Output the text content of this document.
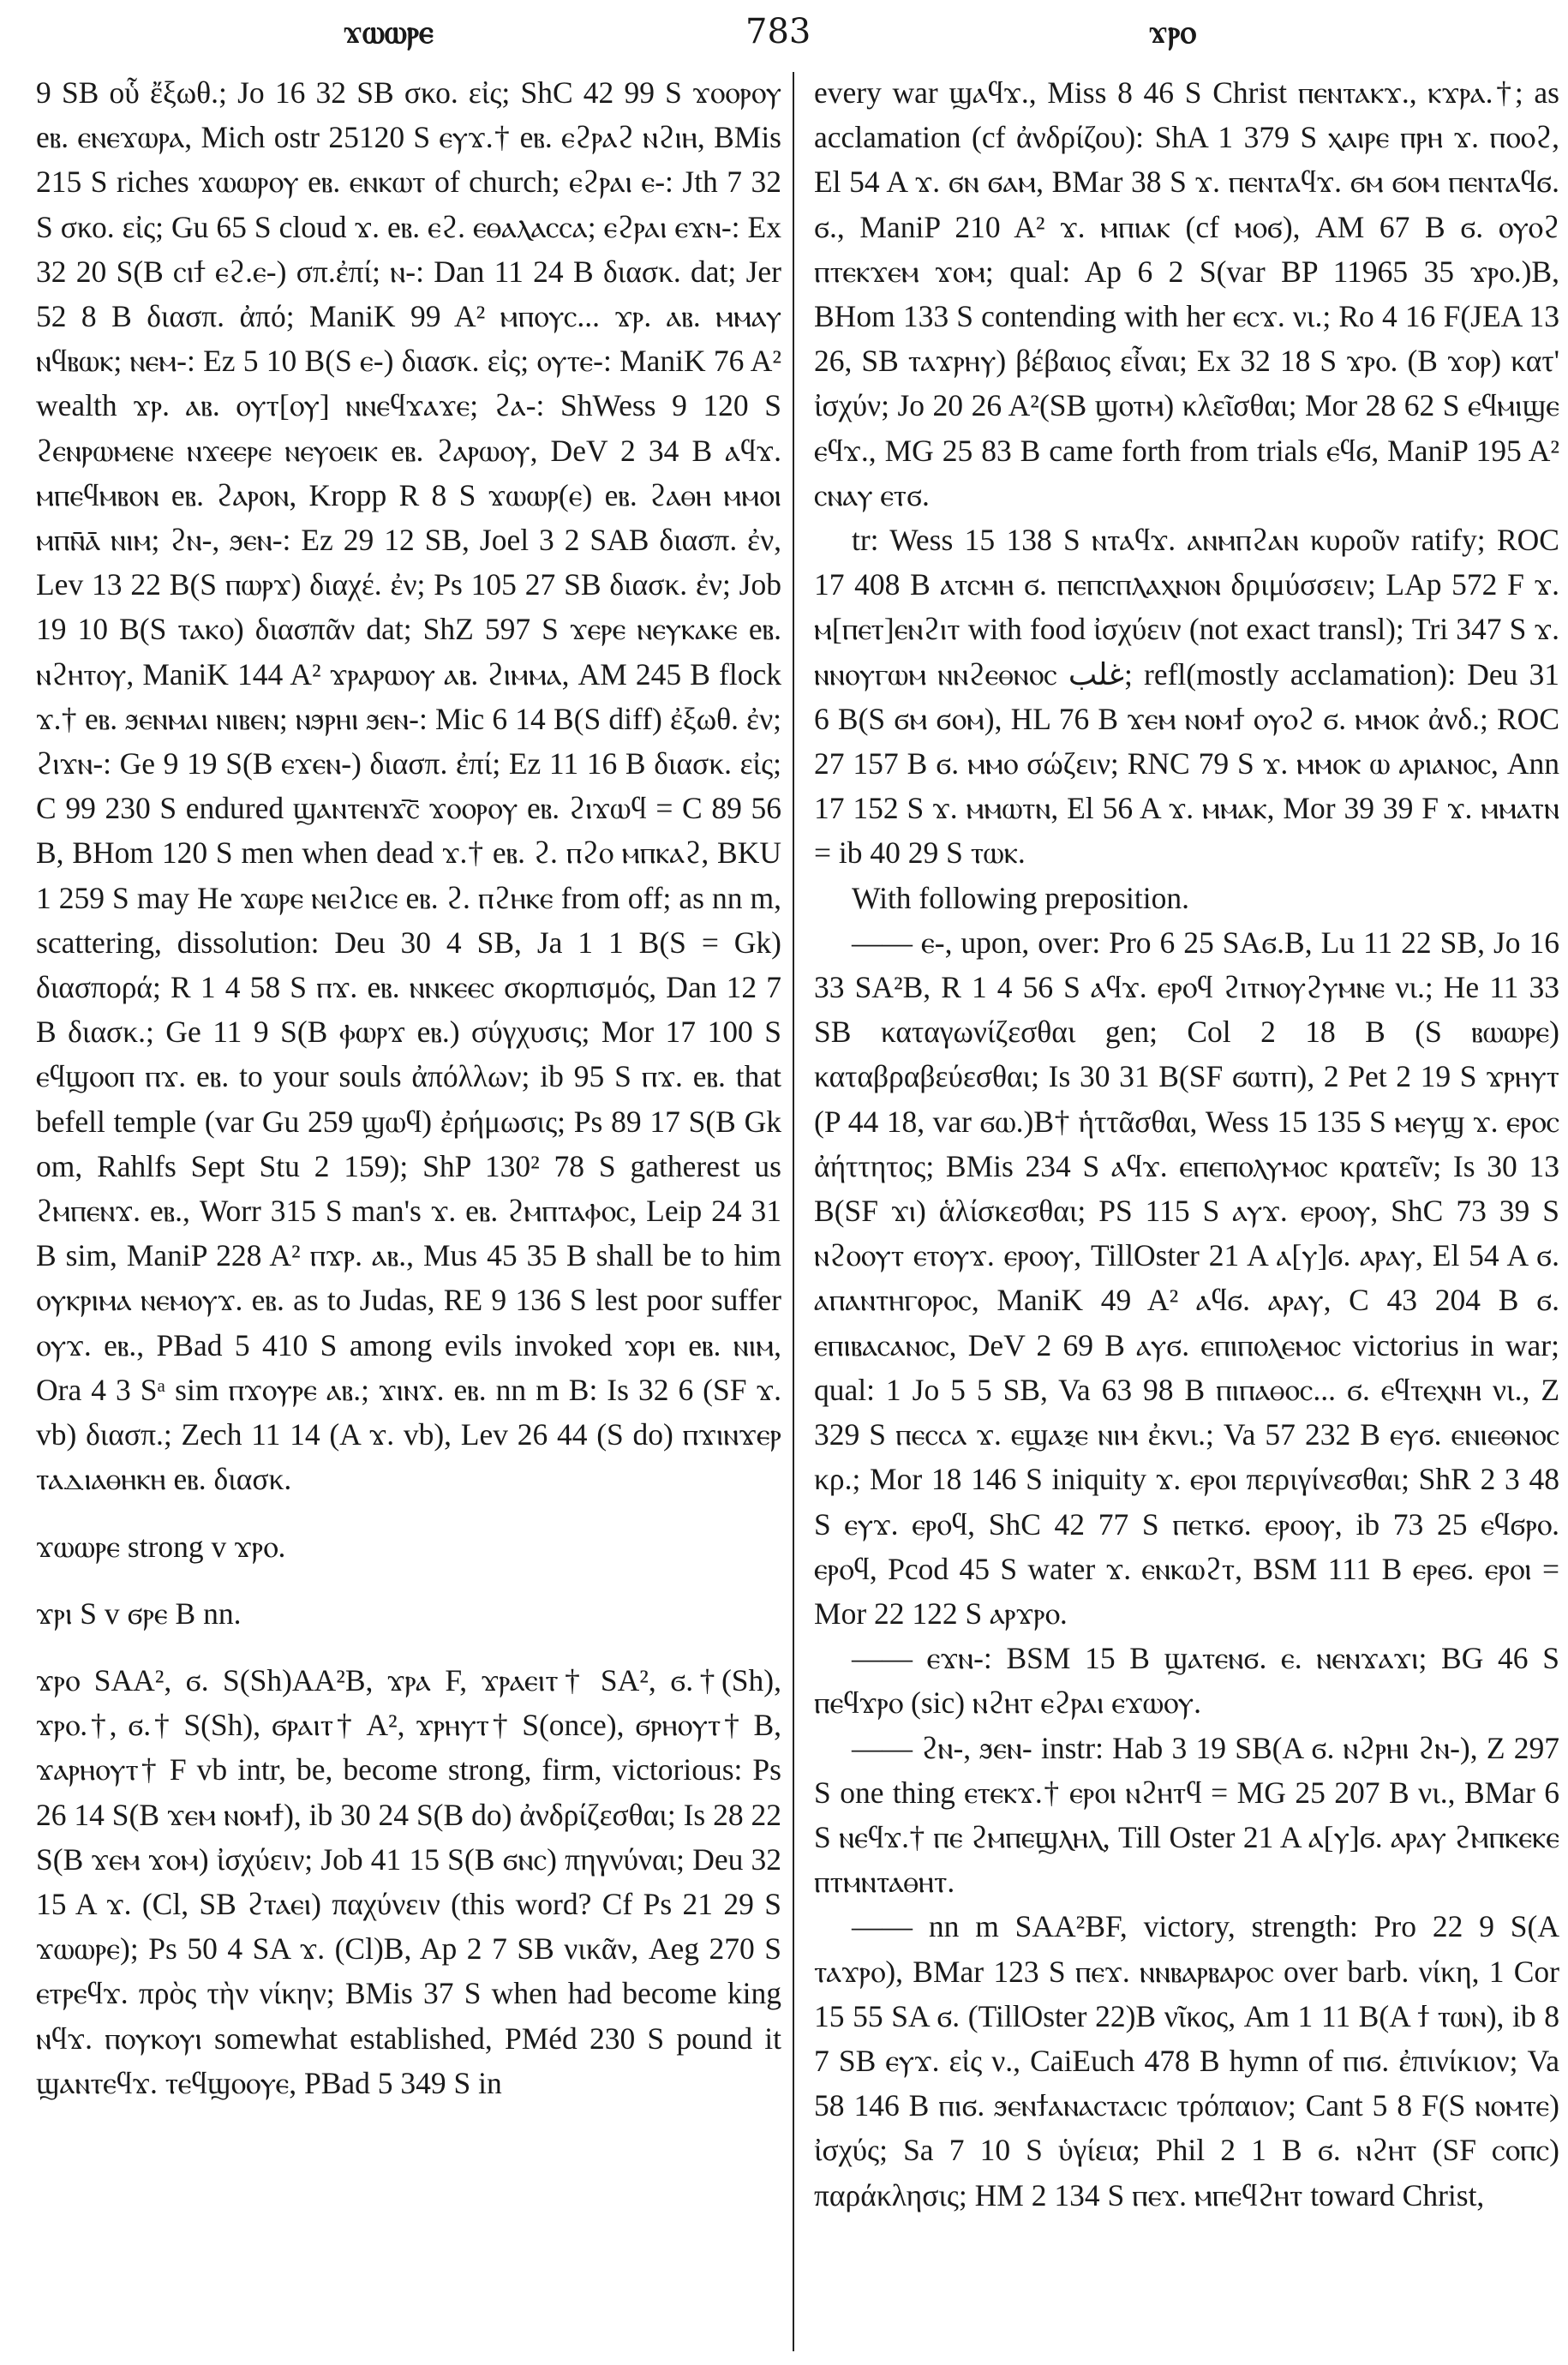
ϫⲱⲱⲣⲉ	783	ϫⲣⲟ

9 SB οὗ ἔξωθ.; Jo 16 32 SB σκο. εἰς; ShC 42 99 S ϫⲟⲟⲣⲟⲩ eⲃ. ⲉⲛⲉϫⲱⲣⲁ, Mich ostr 25120 S ⲉⲩϫ.† eⲃ. ⲉϩⲣⲁϩ ⲛϩⲓⲏ, BMis 215 S riches ϫⲱⲱⲣⲟⲩ eⲃ. ⲉⲛⲕⲱⲧ of church; ⲉϩⲣⲁⲓ ⲉ-: Jth 7 32 S σκο. εἰς; Gu 65 S cloud ϫ. eⲃ. ⲉϩ. ⲉⲑⲁⲗⲁⲥⲥⲁ; ⲉϩⲣⲁⲓ ⲉϫⲛ-: Ex 32 20 S(B ⲥⲓϯ ⲉϩ.ⲉ-) σπ.ἐπί; ⲛ-: Dan 11 24 B διασκ. dat; Jer 52 8 B διασπ. ἀπό; ManiK 99 A² ⲙⲡⲟⲩⲥ... ϫⲣ. ⲁⲃ. ⲙⲙⲁⲩ ⲛϥⲃⲱⲕ; ⲛⲉⲙ-: Ez 5 10 B(S ⲉ-) διασκ. εἰς; ⲟⲩⲧⲉ-: ManiK 76 A² wealth ϫⲣ. ⲁⲃ. ⲟⲩⲧ[ⲟⲩ] ⲛⲛⲉϥϫⲁϫⲉ; ϩⲁ-: ShWess 9 120 S ϩⲉⲛⲣⲱⲙⲉⲛⲉ ⲛϫⲉⲉⲣⲉ ⲛⲉⲩⲟⲉⲓⲕ eⲃ. ϩⲁⲣⲱⲟⲩ, DeV 2 34 B ⲁϥϫ. ⲙⲡⲉϥⲙⲃⲟⲛ eⲃ. ϩⲁⲣⲟⲛ, Kropp R 8 S ϫⲱⲱⲣ(ⲉ) eⲃ. ϩⲁⲑⲏ ⲙⲙⲟⲓ ⲙⲡⲛ̄ⲁ̄ ⲛⲓⲙ; ϩⲛ-, ϧⲉⲛ-: Ez 29 12 SB, Joel 3 2 SAB διασπ. ἐν, Lev 13 22 B(S ⲡⲱⲣϫ) διαχέ. ἐν; Ps 105 27 SB διασκ. ἐν; Job 19 10 B(S ⲧⲁⲕⲟ) διασπᾶν dat; ShZ 597 S ϫⲉⲣⲉ ⲛⲉⲩⲕⲁⲕⲉ eⲃ. ⲛϩⲏⲧⲟⲩ, ManiK 144 A² ϫⲣⲁⲣⲱⲟⲩ ⲁⲃ. ϩⲓⲙⲙⲁ, AM 245 B flock ϫ.† eⲃ. ϧⲉⲛⲙⲁⲓ ⲛⲓⲃⲉⲛ; ⲛϧⲣⲏⲓ ϧⲉⲛ-: Mic 6 14 B(S diff) ἐξωθ. ἐν; ϩⲓϫⲛ-: Ge 9 19 S(B ⲉϫⲉⲛ-) διασπ. ἐπί; Ez 11 16 B διασκ. εἰς; C 99 230 S endured ϣⲁⲛⲧⲉⲛϫ̄ⲥ̄ ϫⲟⲟⲣⲟⲩ eⲃ. ϩⲓϫⲱϥ = C 89 56 B, BHom 120 S men when dead ϫ.† eⲃ. ϩ. ⲡϩⲟ ⲙⲡⲕⲁϩ, BKU 1 259 S may He ϫⲱⲣⲉ ⲛⲉⲓϩⲓⲥⲉ eⲃ. ϩ. ⲡϩⲏⲕⲉ from off; as nn m, scattering, dissolution: Deu 30 4 SB, Ja 1 1 B(S = Gk) διασπορά; R 1 4 58 S ⲡϫ. eⲃ. ⲛⲛⲕⲉⲉⲥ σκορπισμός, Dan 12 7 B διασκ.; Ge 11 9 S(B ⲫⲱⲣϫ eⲃ.) σύγχυσις; Mor 17 100 S ⲉϥϣⲟⲟⲡ ⲡϫ. eⲃ. to your souls ἀπόλλων; ib 95 S ⲡϫ. eⲃ. that befell temple (var Gu 259 ϣⲱϥ) ἐρήμωσις; Ps 89 17 S(B Gk om, Rahlfs Sept Stu 2 159); ShP 130² 78 S gatherest us ϩⲙⲡⲉⲛϫ. eⲃ., Worr 315 S man's ϫ. eⲃ. ϩⲙⲡⲧⲁⲫⲟⲥ, Leip 24 31 B sim, ManiP 228 A² ⲡϫⲣ. ⲁⲃ., Mus 45 35 B shall be to him ⲟⲩⲕⲣⲓⲙⲁ ⲛⲉⲙⲟⲩϫ. eⲃ. as to Judas, RE 9 136 S lest poor suffer ⲟⲩϫ. eⲃ., PBad 5 410 S among evils invoked ϫⲟⲣⲓ eⲃ. ⲛⲓⲙ, Ora 4 3 Sᵃ sim ⲡϫⲟⲩⲣⲉ ⲁⲃ.; ϫⲓⲛϫ. eⲃ. nn m B: Is 32 6 (SF ϫ. vb) διασπ.; Zech 11 14 (A ϫ. vb), Lev 26 44 (S do) ⲡϫⲓⲛϫⲉⲣ ⲧⲁⲇⲓⲁⲑⲏⲕⲏ eⲃ. διασκ.

ϫⲱⲱⲣⲉ strong v ϫⲣⲟ.

ϫⲣⲓ S v ϭⲣⲉ B nn.

ϫⲣⲟ SAA², ϭ. S(Sh)AA²B, ϫⲣⲁ F, ϫⲣⲁⲉⲓⲧ† SA², ϭ.†(Sh), ϫⲣⲟ.†, ϭ.† S(Sh), ϭⲣⲁⲓⲧ† A², ϫⲣⲏⲩⲧ† S(once), ϭⲣⲏⲟⲩⲧ† B, ϫⲁⲣⲏⲟⲩⲧ† F vb intr, be, become strong, firm, victorious: Ps 26 14 S(B ϫⲉⲙ ⲛⲟⲙϯ), ib 30 24 S(B do) ἀνδρίζεσθαι; Is 28 22 S(B ϫⲉⲙ ϫⲟⲙ) ἰσχύειν; Job 41 15 S(B ϭⲛⲥ) πηγνύναι; Deu 32 15 A ϫ. (Cl, SB ϩⲧⲁⲉⲓ) παχύνειν (this word? Cf Ps 21 29 S ϫⲱⲱⲣⲉ); Ps 50 4 SA ϫ. (Cl)B, Ap 2 7 SB νικᾶν, Aeg 270 S ⲉⲧⲣⲉϥϫ. πρὸς τὴν νίκην; BMis 37 S when had become king ⲛϥϫ. ⲡⲟⲩⲕⲟⲩⲓ somewhat established, PMéd 230 S pound it ϣⲁⲛⲧⲉϥϫ. ⲧⲉϥϣⲟⲟⲩⲉ, PBad 5 349 S in

every war ϣⲁϥϫ., Miss 8 46 S Christ ⲡⲉⲛⲧⲁⲕϫ., ⲕϫⲣⲁ.†; as acclamation (cf ἀνδρίζου): ShA 1 379 S ⲭⲁⲓⲣⲉ ⲡⲣⲏ ϫ. ⲡⲟⲟϩ, El 54 A ϫ. ϭⲛ ϭⲁⲙ, BMar 38 S ϫ. ⲡⲉⲛⲧⲁϥϫ. ϭⲙ ϭⲟⲙ ⲡⲉⲛⲧⲁϥϭ. ϭ., ManiP 210 A² ϫ. ⲙⲡⲓⲁⲕ (cf ⲙⲟϭ), AM 67 B ϭ. ⲟⲩⲟϩ ⲡⲧⲉⲕϫⲉⲙ ϫⲟⲙ; qual: Ap 6 2 S(var BP 11965 35 ϫⲣⲟ.)B, BHom 133 S contending with her ⲉⲥϫ. νι.; Ro 4 16 F(JEA 13 26, SB ⲧⲁϫⲣⲏⲩ) βέβαιος εἶναι; Ex 32 18 S ϫⲣⲟ. (B ϫⲟⲣ) κατ' ἰσχύν; Jo 20 26 A²(SB ϣⲟⲧⲙ) κλεῖσθαι; Mor 28 62 S ⲉϥⲙⲓϣⲉ ⲉϥϫ., MG 25 83 B came forth from trials ⲉϥϭ, ManiP 195 A² ⲥⲛⲁⲩ ⲉⲧϭ.

tr: Wess 15 138 S ⲛⲧⲁϥϫ. ⲁⲛⲙⲡϩⲁⲛ κυροῦν ratify; ROC 17 408 B ⲁⲧⲥⲙⲏ ϭ. ⲡⲉⲡⲥⲡⲗⲁⲭⲛⲟⲛ δριμύσσειν; LAp 572 F ϫ. ⲙ[ⲡⲉⲧ]ⲉⲛϩⲓⲧ with food ἰσχύειν (not exact transl); Tri 347 S ϫ. ⲛⲛⲟⲩⲅⲱⲙ ⲛⲛϩⲉⲑⲛⲟⲥ غلب; refl(mostly acclamation): Deu 31 6 B(S ϭⲙ ϭⲟⲙ), HL 76 B ϫⲉⲙ ⲛⲟⲙϯ ⲟⲩⲟϩ ϭ. ⲙⲙⲟⲕ ἀνδ.; ROC 27 157 B ϭ. ⲙⲙⲟ σώζειν; RNC 79 S ϫ. ⲙⲙⲟⲕ ⲱ ⲁⲣⲓⲁⲛⲟⲥ, Ann 17 152 S ϫ. ⲙⲙⲱⲧⲛ, El 56 A ϫ. ⲙⲙⲁⲕ, Mor 39 39 F ϫ. ⲙⲙⲁⲧⲛ = ib 40 29 S ⲧⲱⲕ.

With following preposition.

—— ⲉ-, upon, over: Pro 6 25 SAϭ.B, Lu 11 22 SB, Jo 16 33 SA²B, R 1 4 56 S ⲁϥϫ. ⲉⲣⲟϥ ϩⲓⲧⲛⲟⲩϩⲩⲙⲛⲉ νι.; He 11 33 SB καταγωνίζεσθαι gen; Col 2 18 B (S ⲃⲱⲱⲣⲉ) καταβραβεύεσθαι; Is 30 31 B(SF ϭⲱⲧⲡ), 2 Pet 2 19 S ϫⲣⲏⲩⲧ (P 44 18, var ϭⲱ.)B† ἡττᾶσθαι, Wess 15 135 S ⲙⲉⲩϣ ϫ. ⲉⲣⲟⲥ ἀήττητος; BMis 234 S ⲁϥϫ. ⲉⲡⲉⲡⲟⲗⲩⲙⲟⲥ κρατεῖν; Is 30 13 B(SF ϫⲓ) ἁλίσκεσθαι; PS 115 S ⲁⲩϫ. ⲉⲣⲟⲟⲩ, ShC 73 39 S ⲛϩⲟⲟⲩⲧ ⲉⲧⲟⲩϫ. ⲉⲣⲟⲟⲩ, TillOster 21 A ⲁ[ⲩ]ϭ. ⲁⲣⲁⲩ, El 54 A ϭ. ⲁⲡⲁⲛⲧⲏⲅⲟⲣⲟⲥ, ManiK 49 A² ⲁϥϭ. ⲁⲣⲁⲩ, C 43 204 B ϭ. ⲉⲡⲓⲃⲁⲥⲁⲛⲟⲥ, DeV 2 69 B ⲁⲩϭ. ⲉⲡⲓⲡⲟⲗⲉⲙⲟⲥ victorius in war; qual: 1 Jo 5 5 SB, Va 63 98 B ⲡⲓⲡⲁⲑⲟⲥ... ϭ. ⲉϥⲧⲉⲭⲛⲏ νι., Z 329 S ⲡⲉⲥⲥⲁ ϫ. ⲉϣⲁⲝⲉ ⲛⲓⲙ ἐκνι.; Va 57 232 B ⲉⲩϭ. ⲉⲛⲓⲉⲑⲛⲟⲥ κρ.; Mor 18 146 S iniquity ϫ. ⲉⲣⲟⲓ περιγίνεσθαι; ShR 2 3 48 S ⲉⲩϫ. ⲉⲣⲟϥ, ShC 42 77 S ⲡⲉⲧⲕϭ. ⲉⲣⲟⲟⲩ, ib 73 25 ⲉϥϭⲣⲟ. ⲉⲣⲟϥ, Pcod 45 S water ϫ. ⲉⲛⲕⲱϩⲧ, BSM 111 B ⲉⲣⲉϭ. ⲉⲣⲟⲓ = Mor 22 122 S ⲁⲣϫⲣⲟ.

—— ⲉϫⲛ-: BSM 15 B ϣⲁⲧⲉⲛϭ. ⲉ. ⲛⲉⲛϫⲁϫⲓ; BG 46 S ⲡⲉϥϫⲣⲟ (sic) ⲛϩⲏⲧ ⲉϩⲣⲁⲓ ⲉϫⲱⲟⲩ.

—— ϩⲛ-, ϧⲉⲛ- instr: Hab 3 19 SB(A ϭ. ⲛϩⲣⲏⲓ ϩⲛ-), Z 297 S one thing ⲉⲧⲉⲕϫ.† ⲉⲣⲟⲓ ⲛϩⲏⲧϥ = MG 25 207 B νι., BMar 6 S ⲛⲉϥϫ.† ⲡⲉ ϩⲙⲡⲉϣⲗⲏⲗ, Till Oster 21 A ⲁ[ⲩ]ϭ. ⲁⲣⲁⲩ ϩⲙⲡⲕⲉⲕⲉ ⲡⲧⲙⲛⲧⲁⲑⲏⲧ.

—— nn m SAA²BF, victory, strength: Pro 22 9 S(A ⲧⲁϫⲣⲟ), BMar 123 S ⲡⲉϫ. ⲛⲛⲃⲁⲣⲃⲁⲣⲟⲥ over barb. νίκη, 1 Cor 15 55 SA ϭ. (TillOster 22)B νῖκος, Am 1 11 B(A ϯ ⲧⲱⲛ), ib 8 7 SB ⲉⲩϫ. εἰς ν., CaiEuch 478 B hymn of ⲡⲓϭ. ἐπινίκιον; Va 58 146 B ⲡⲓϭ. ϧⲉⲛϯⲁⲛⲁⲥⲧⲁⲥⲓⲥ τρόπαιον; Cant 5 8 F(S ⲛⲟⲙⲧⲉ) ἰσχύς; Sa 7 10 S ὑγίεια; Phil 2 1 B ϭ. ⲛϩⲏⲧ (SF ⲥⲟⲡⲥ) παράκλησις; HM 2 134 S ⲡⲉϫ. ⲙⲡⲉϥϩⲏⲧ toward Christ,
